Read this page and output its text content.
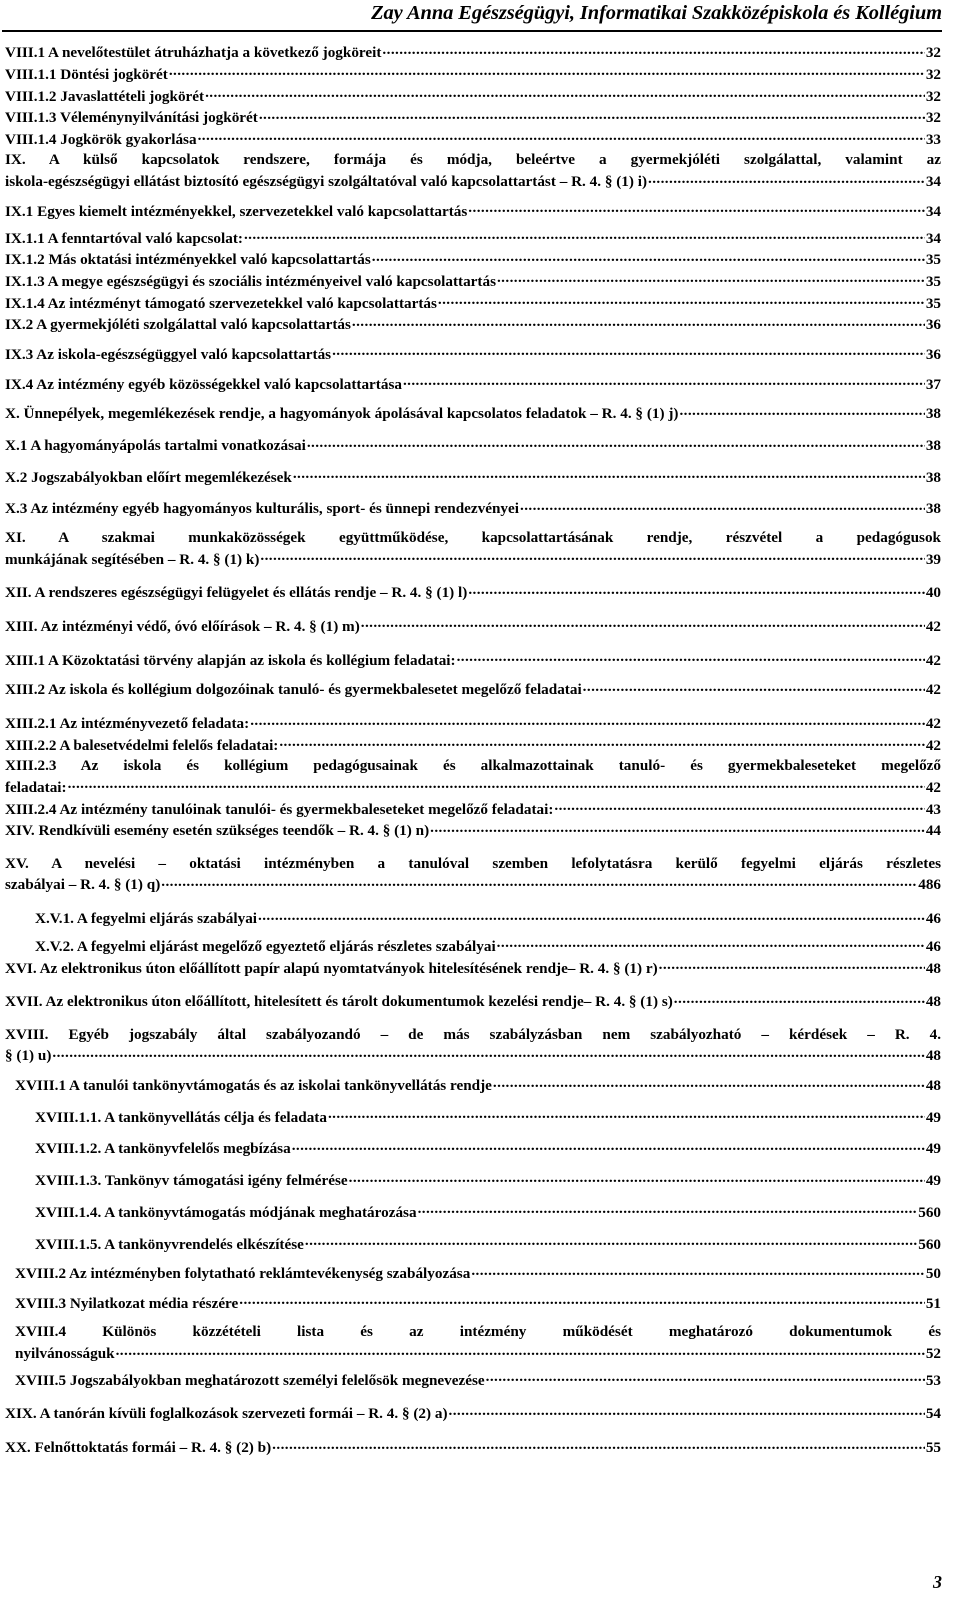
Zay Anna Egészségügyi, Informatikai Szakközépiskola és Kollégium
VIII.1 A nevelőtestület átruházhatja a következő jogköreit .....	32
VIII.1.1 Döntési jogkörét .....	32
VIII.1.2 Javaslattételi jogkörét .....	32
VIII.1.3 Véleménynyilvánítási jogkörét .....	32
VIII.1.4 Jogkörök gyakorlása .....	33
IX. A külső kapcsolatok rendszere, formája és módja, beleértve a gyermekjóléti szolgálattal, valamint az
iskola-egészségügyi ellátást biztosító egészségügyi szolgáltatóval való kapcsolattartást – R. 4. § (1) i) .....	34
IX.1 Egyes kiemelt intézményekkel, szervezetekkel való kapcsolattartás .....	34
IX.1.1 A fenntartóval való kapcsolat: .....	34
IX.1.2 Más oktatási intézményekkel való kapcsolattartás .....	35
IX.1.3 A megye egészségügyi és szociális intézményeivel való kapcsolattartás .....	35
IX.1.4 Az intézményt támogató szervezetekkel való kapcsolattartás .....	35
IX.2 A gyermekjóléti szolgálattal való kapcsolattartás .....	36
IX.3 Az iskola-egészségüggyel való kapcsolattartás .....	36
IX.4 Az intézmény egyéb közösségekkel való kapcsolattartása .....	37
X. Ünnepélyek, megemlékezések rendje, a hagyományok ápolásával kapcsolatos feladatok – R. 4. § (1) j) .....	38
X.1 A hagyományápolás tartalmi vonatkozásai .....	38
X.2 Jogszabályokban előírt megemlékezések .....	38
X.3 Az intézmény egyéb hagyományos kulturális, sport- és ünnepi rendezvényei .....	38
XI. A szakmai munkaközösségek együttműködése, kapcsolattartásának rendje, részvétel a pedagógusok
munkájának segítésében – R. 4. § (1) k) .....	39
XII. A rendszeres egészségügyi felügyelet és ellátás rendje – R. 4. § (1) l) .....	40
XIII. Az intézményi védő, óvó előírások – R. 4. § (1) m) .....	42
XIII.1 A Közoktatási törvény alapján az iskola és kollégium feladatai: .....	42
XIII.2 Az iskola és kollégium dolgozóinak tanuló- és gyermekbalesetet megelőző feladatai .....	42
XIII.2.1 Az intézményvezető feladata: .....	42
XIII.2.2 A balesetvédelmi felelős feladatai: .....	42
XIII.2.3 Az iskola és kollégium pedagógusainak és alkalmazottainak tanuló- és gyermekbaleseteket megelőző
feladatai: .....	42
XIII.2.4 Az intézmény tanulóinak tanulói- és gyermekbaleseteket megelőző feladatai: .....	43
XIV. Rendkívüli esemény esetén szükséges teendők – R. 4. § (1) n) .....	44
XV. A nevelési – oktatási intézményben a tanulóval szemben lefolytatásra kerülő fegyelmi eljárás részletes
szabályai – R. 4. § (1) q) .....	486
X.V.1. A fegyelmi eljárás szabályai .....	46
X.V.2. A fegyelmi eljárást megelőző egyeztető eljárás részletes szabályai .....	46
XVI. Az elektronikus úton előállított papír alapú nyomtatványok hitelesítésének rendje– R. 4. § (1) r) .....	48
XVII. Az elektronikus úton előállított, hitelesített és tárolt dokumentumok kezelési rendje– R. 4. § (1) s) .....	48
XVIII. Egyéb jogszabály által szabályozandó – de más szabályzásban nem szabályozható – kérdések – R. 4.
§ (1) u) .....	48
XVIII.1 A tanulói tankönyvtámogatás és az iskolai tankönyvellátás rendje .....	48
XVIII.1.1. A tankönyvellátás célja és feladata .....	49
XVIII.1.2. A tankönyvfelelős megbízása .....	49
XVIII.1.3. Tankönyv támogatási igény felmérése .....	49
XVIII.1.4. A tankönyvtámogatás módjának meghatározása .....	560
XVIII.1.5. A tankönyvrendelés elkészítése .....	560
XVIII.2 Az intézményben folytatható reklámtevékenység szabályozása .....	50
XVIII.3 Nyilatkozat média részére .....	51
XVIII.4 Különös közzétételi lista és az intézmény működését meghatározó dokumentumok és
nyilvánosságuk .....	52
XVIII.5 Jogszabályokban meghatározott személyi felelősök megnevezése .....	53
XIX. A tanórán kívüli foglalkozások szervezeti formái – R. 4. § (2) a) .....	54
XX. Felnőttoktatás formái – R. 4. § (2) b) .....	55
3
